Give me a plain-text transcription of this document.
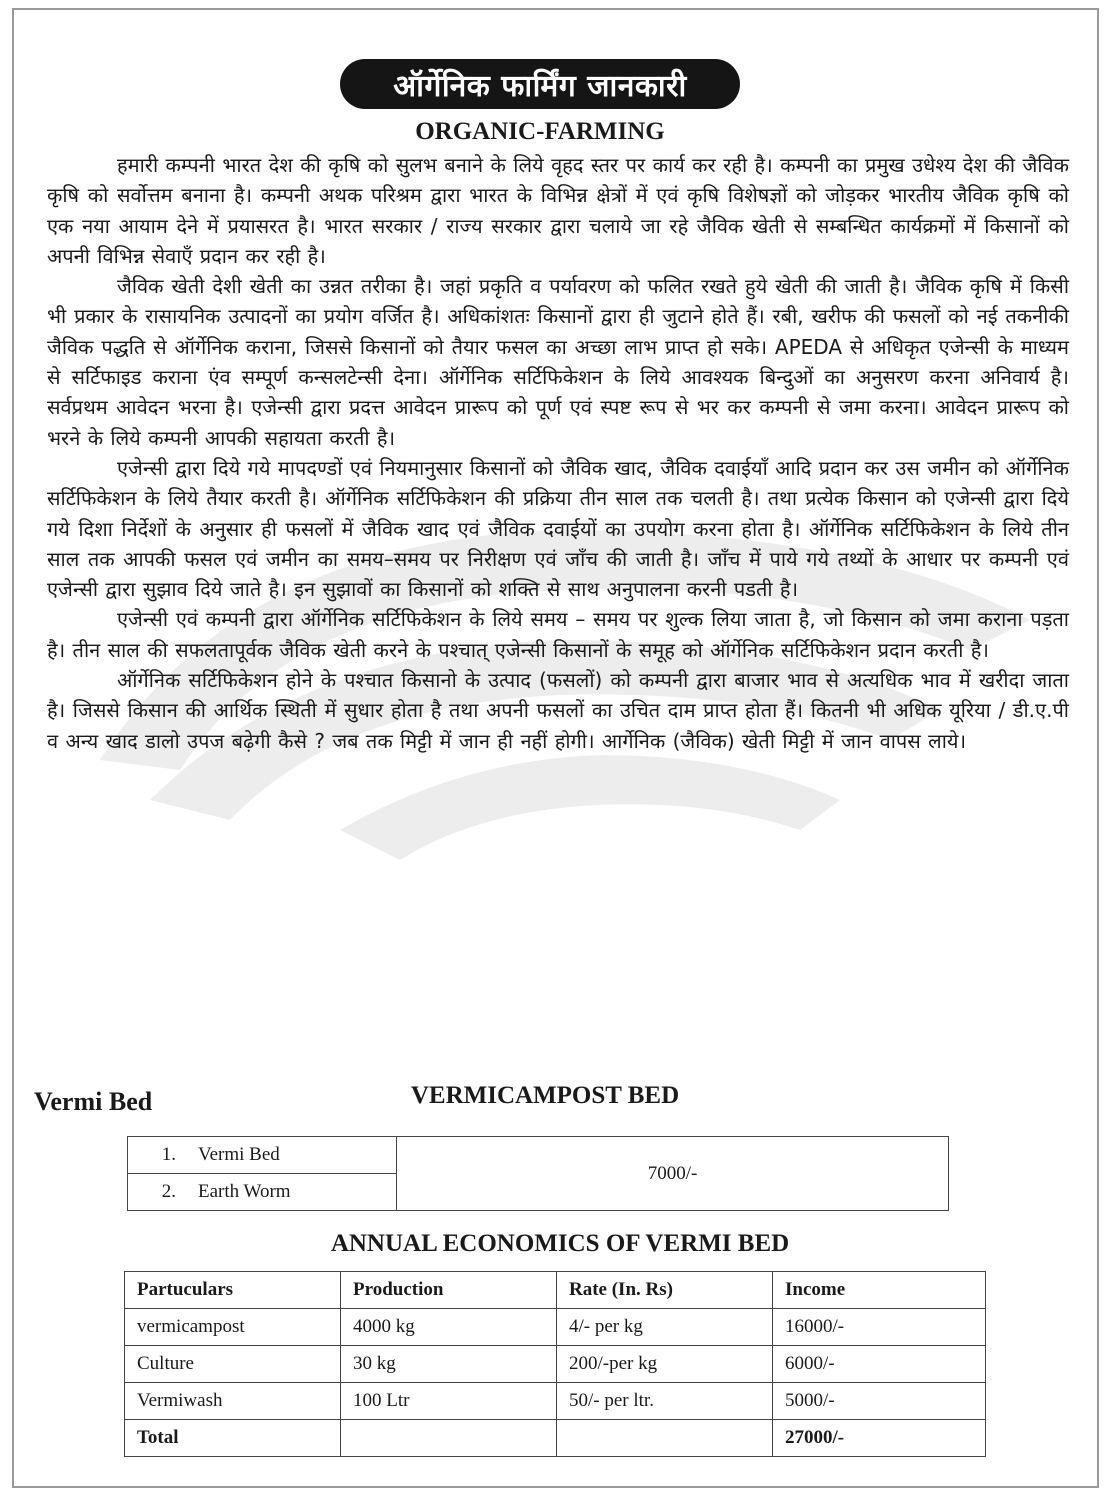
ऑर्गेनिक फार्मिंग जानकारी
ORGANIC-FARMING

हमारी कम्पनी भारत देश की कृषि को सुलभ बनाने के लिये वृहद स्तर पर कार्य कर रही है। कम्पनी का प्रमुख उधेश्य देश की जैविक कृषि को सर्वोत्तम बनाना है। कम्पनी अथक परिश्रम द्वारा भारत के विभिन्न क्षेत्रों में एवं कृषि विशेषज्ञों को जोड़कर भारतीय जैविक कृषि को एक नया आयाम देने में प्रयासरत है। भारत सरकार / राज्य सरकार द्वारा चलाये जा रहे जैविक खेती से सम्बन्धित कार्यक्रमों में किसानों को अपनी विभिन्न सेवाएँ प्रदान कर रही है।

जैविक खेती देशी खेती का उन्नत तरीका है। जहां प्रकृति व पर्यावरण को फलित रखते हुये खेती की जाती है। जैविक कृषि में किसी भी प्रकार के रासायनिक उत्पादनों का प्रयोग वर्जित है। अधिकांशतः किसानों द्वारा ही जुटाने होते हैं। रबी, खरीफ की फसलों को नई तकनीकी जैविक पद्धति से ऑर्गेनिक कराना, जिससे किसानों को तैयार फसल का अच्छा लाभ प्राप्त हो सके। APEDA से अधिकृत एजेन्सी के माध्यम से सर्टिफाइड कराना एंव सम्पूर्ण कन्सलटेन्सी देना। ऑर्गेनिक सर्टिफिकेशन के लिये आवश्यक बिन्दुओं का अनुसरण करना अनिवार्य है। सर्वप्रथम आवेदन भरना है। एजेन्सी द्वारा प्रदत्त आवेदन प्रारूप को पूर्ण एवं स्पष्ट रूप से भर कर कम्पनी से जमा करना। आवेदन प्रारूप को भरने के लिये कम्पनी आपकी सहायता करती है।

एजेन्सी द्वारा दिये गये मापदण्डों एवं नियमानुसार किसानों को जैविक खाद, जैविक दवाईयाँ आदि प्रदान कर उस जमीन को ऑर्गेनिक सर्टिफिकेशन के लिये तैयार करती है। ऑर्गेनिक सर्टिफिकेशन की प्रक्रिया तीन साल तक चलती है। तथा प्रत्येक किसान को एजेन्सी द्वारा दिये गये दिशा निर्देशों के अनुसार ही फसलों में जैविक खाद एवं जैविक दवाईयों का उपयोग करना होता है। ऑर्गेनिक सर्टिफिकेशन के लिये तीन साल तक आपकी फसल एवं जमीन का समय–समय पर निरीक्षण एवं जाँच की जाती है। जाँच में पाये गये तथ्यों के आधार पर कम्पनी एवं एजेन्सी द्वारा सुझाव दिये जाते है। इन सुझावों का किसानों को शक्ति से साथ अनुपालना करनी पडती है।

एजेन्सी एवं कम्पनी द्वारा ऑर्गेनिक सर्टिफिकेशन के लिये समय – समय पर शुल्क लिया जाता है, जो किसान को जमा कराना पड़ता है। तीन साल की सफलतापूर्वक जैविक खेती करने के पश्चात् एजेन्सी किसानों के समूह को ऑर्गेनिक सर्टिफिकेशन प्रदान करती है।

ऑर्गेनिक सर्टिफिकेशन होने के पश्चात किसानो के उत्पाद (फसलों) को कम्पनी द्वारा बाजार भाव से अत्यधिक भाव में खरीदा जाता है। जिससे किसान की आर्थिक स्थिती में सुधार होता है तथा अपनी फसलों का उचित दाम प्राप्त होता हैं। कितनी भी अधिक यूरिया / डी.ए.पी व अन्य खाद डालो उपज बढ़ेगी कैसे ? जब तक मिट्टी में जान ही नहीं होगी। आर्गेनिक (जैविक) खेती मिट्टी में जान वापस लाये।

Vermi Bed	VERMICAMPOST BED
1. Vermi Bed	7000/-
2. Earth Worm
ANNUAL ECONOMICS OF VERMI BED
Partuculars	Production	Rate (In. Rs)	Income
vermicampost	4000 kg	4/- per kg	16000/-
Culture	30 kg	200/-per kg	6000/-
Vermiwash	100 Ltr	50/- per ltr.	5000/-
Total			27000/-
